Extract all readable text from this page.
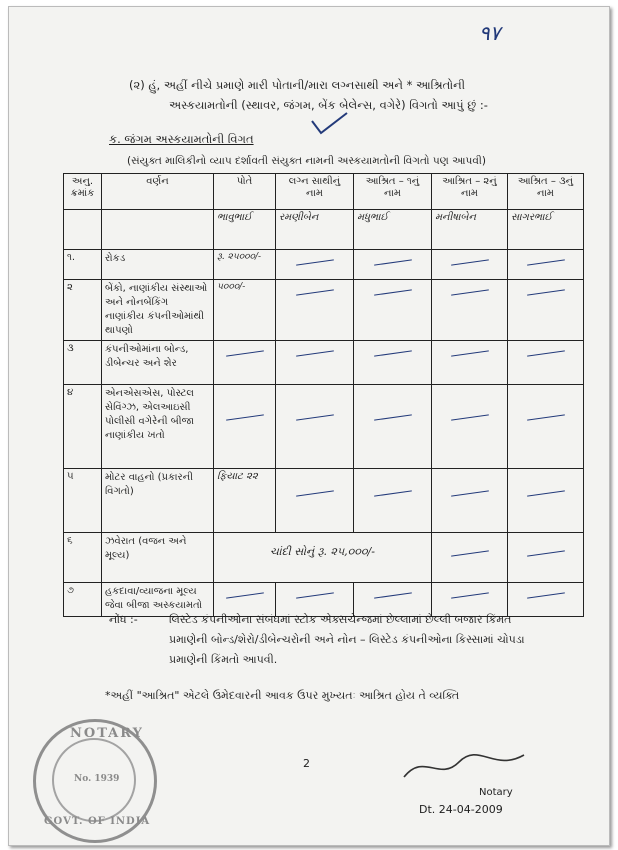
٩٧
(૨) હું, અહીં નીચે પ્રમાણે મારી પોતાની/મારા લગ્નસાથી અને * આશ્રિતોની
અસ્કયામતોની (સ્થાવર, જંગમ, બેંક બેલેન્સ, વગેરે) વિગતો આપું છું :-
ક. જંગમ અસ્કયામતોની વિગત
(સંયુક્ત માલિકીનો વ્યાપ દર્શાવતી સંયુક્ત નામની અસ્કયામતોની વિગતો પણ આપવી)
અનુ. ક્રમાંક	વર્ણન	પોતે	લગ્ન સાથીનું નામ	આશ્રિત – ૧નું નામ	આશ્રિત – ૨નું નામ	આશ્રિત – ૩નું નામ
		ભાવુભાઈ	રમણીબેન	મધુભાઈ	મનીષાબેન	સાગરભાઈ
૧.	રોકડ	રૂ. ૨૫૦૦૦/-	

૨	બેંકો, નાણાંકીય સંસ્થાઓ અને નોનબેંકિંગ નાણાંકીય કંપનીઓમાંથી થાપણો	૫૦૦૦/-	

૩	કંપનીઓમાંના બોન્ડ, ડીબેન્ચર અને શેર	

૪	એનએસએસ, પોસ્ટલ સેવિંગ્ઝ, એલઆઇસી પોલીસી વગેરેની બીજા નાણાંકીય ખતો	

૫	મોટર વાહનો (પ્રકારની વિગતો)	ફિયાટ ૨૨	

૬	ઝવેરાત (વજન અને મૂલ્ય)	ચાંદી સોનું રૂ. ૨૫,૦૦૦/-			

૭	હકદાવા/વ્યાજના મૂલ્ય જેવા બીજા અસ્કયામતો	

નોંધ :-	લિસ્ટેડ કંપનીઓના સંબંધમાં સ્ટોક એક્સચેન્જમાં છેલ્લામાં છેલ્લી બજાર કિંમત
પ્રમાણેની બોન્ડ/શેરો/ડીબેન્ચરોની અને નોન – લિસ્ટેડ કંપનીઓના કિસ્સામાં ચોપડા
પ્રમાણેની કિંમતો આપવી.
*અહીં "આશ્રિત" એટલે ઉમેદવારની આવક ઉપર મુખ્યતઃ આશ્રિત હોય તે વ્યક્તિ
2
NOTARY
No. 1939
GOVT. OF INDIA
Notary
Dt. 24-04-2009
